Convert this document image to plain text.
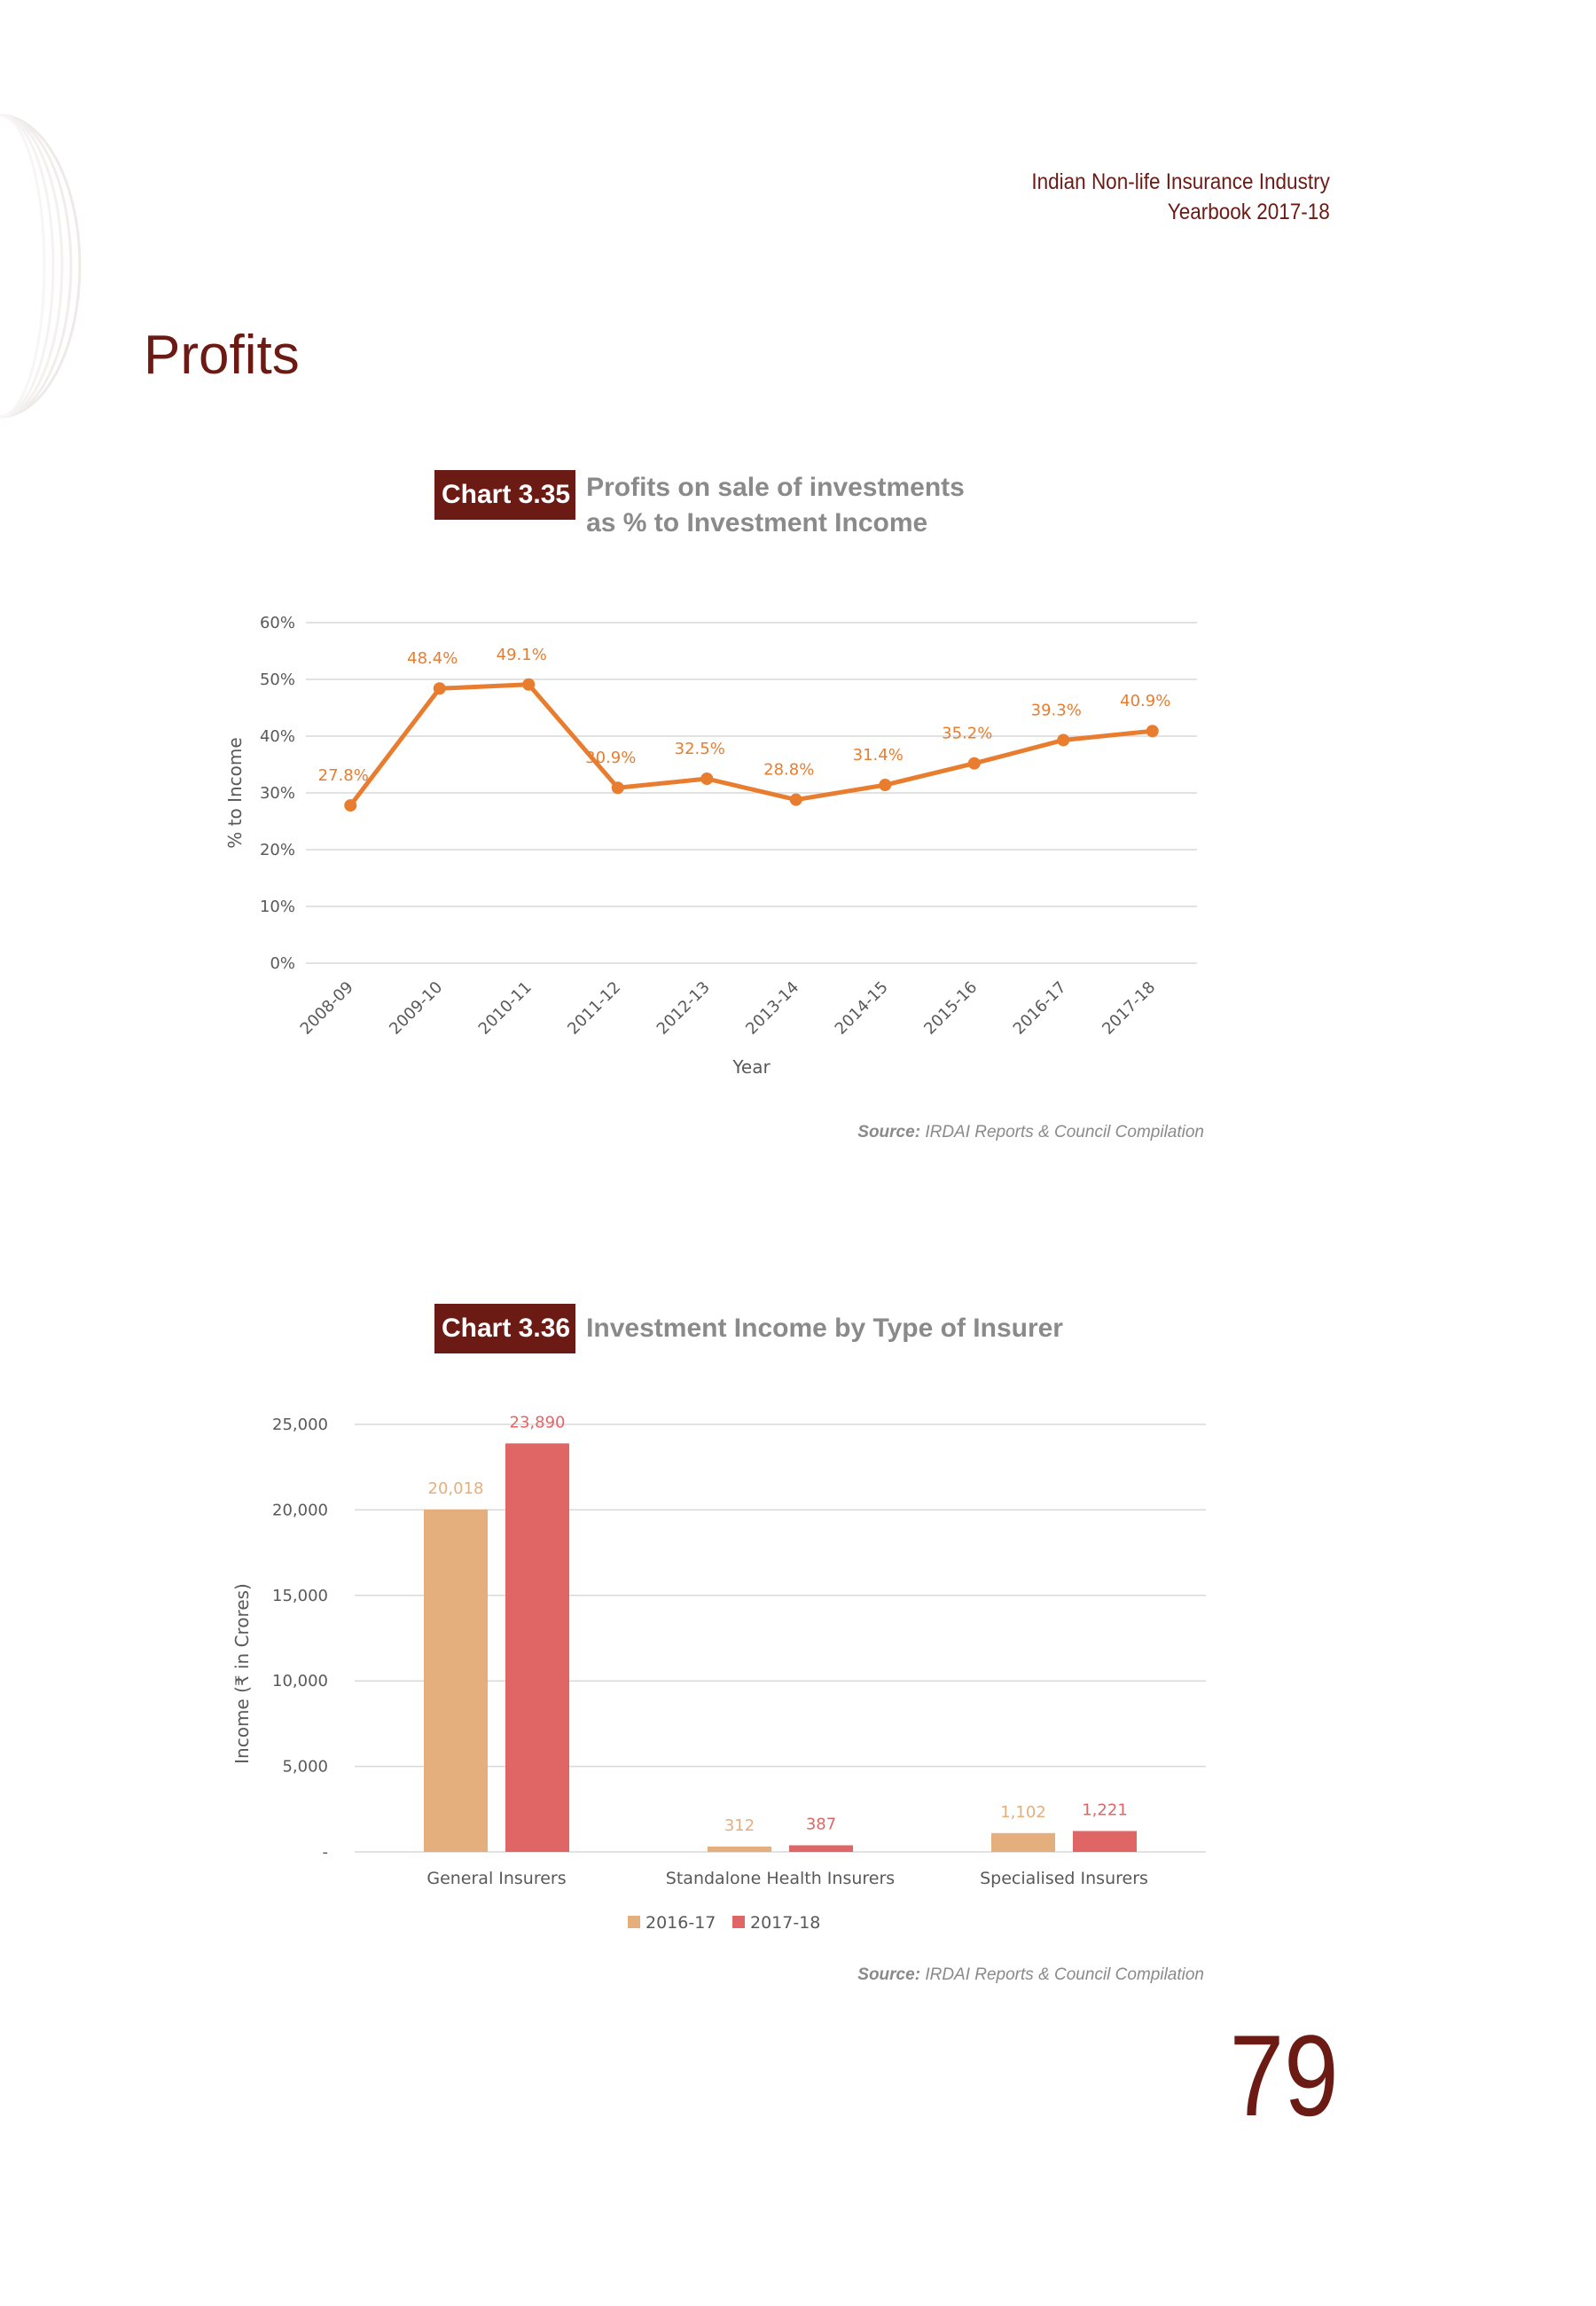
Indian Non-life Insurance Industry
Yearbook 2017-18
Profits
Chart 3.35 Profits on sale of investments
as % to Investment Income
0%
10%
20%
30%
40%
50%
60%
27.8%
48.4% 49.1%
30.9% 32.5%
28.8%
31.4%
35.2%
39.3% 40.9%
2008-09 2009-10 2010-11 2011-12 2012-13 2013-14 2014-15 2015-16 2016-17 2017-18
Year
% to Income
Source: IRDAI Reports & Council Compilation
Chart 3.36 Investment Income by Type of Insurer
-
5,000
10,000
15,000
20,000
25,000
20,018
23,890
General Insurers
312	387
Standalone Health Insurers
1,102 1,221
Specialised Insurers
Income (₹ in Crores)
2016-17 2017-18
Source: IRDAI Reports & Council Compilation
79
